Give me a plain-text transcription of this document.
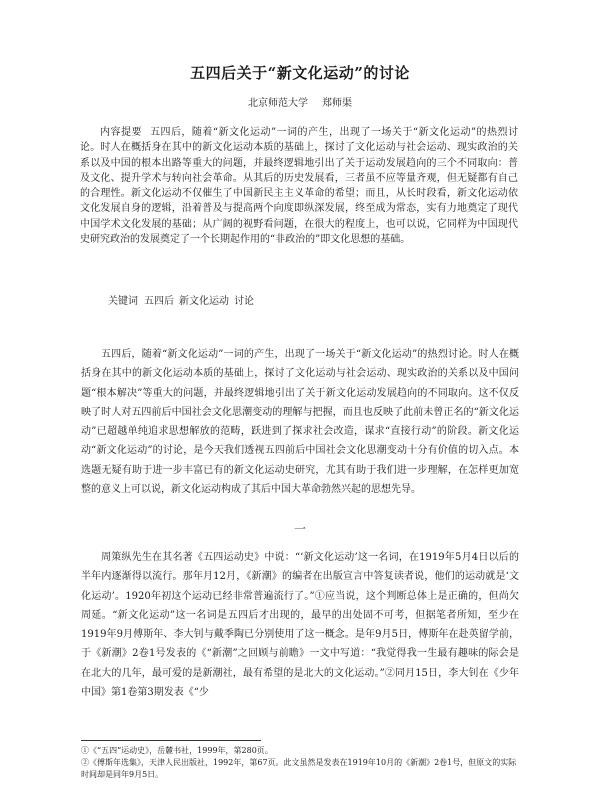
五四后关于“新文化运动”的讨论
北京师范大学 郑师渠

内容提要 五四后，随着“新文化运动”一词的产生，出现了一场关于“新文化运动”的热烈讨论。时人在概括身在其中的新文化运动本质的基础上，探讨了文化运动与社会运动、现实政治的关系以及中国的根本出路等重大的问题，并最终逻辑地引出了关于运动发展趋向的三个不同取向：普及文化、提升学术与转向社会革命。从其后的历史发展看，三者虽不应等量齐观，但无疑都有自己的合理性。新文化运动不仅催生了中国新民主主义革命的希望；而且，从长时段看，新文化运动依文化发展自身的逻辑，沿着普及与提高两个向度即纵深发展，终至成为常态，实有力地奠定了现代中国学术文化发展的基础；从广阔的视野看问题，在很大的程度上，也可以说，它同样为中国现代史研究政治的发展奠定了一个长期起作用的“非政治的”即文化思想的基础。

关键词 五四后 新文化运动 讨论

五四后，随着“新文化运动”一词的产生，出现了一场关于“新文化运动”的热烈讨论。时人在概括身在其中的新文化运动本质的基础上，探讨了文化运动与社会运动、现实政治的关系以及中国问题“根本解决”等重大的问题，并最终逻辑地引出了关于新文化运动发展趋向的不同取向。这不仅反映了时人对五四前后中国社会文化思潮变动的理解与把握，而且也反映了此前未曾正名的“新文化运动”已超越单纯追求思想解放的范畴，跃进到了探求社会改造，谋求“直接行动”的阶段。新文化运动“新文化运动”的讨论，是今天我们透视五四前后中国社会文化思潮变动十分有价值的切入点。本选题无疑有助于进一步丰富已有的新文化运动史研究，尤其有助于我们进一步理解，在怎样更加宽整的意义上可以说，新文化运动构成了其后中国大革命勃然兴起的思想先导。

一

周策纵先生在其名著《五四运动史》中说：“‘新文化运动’这一名词，在1919年5月4日以后的半年内逐渐得以流行。那年月12月，《新潮》的编者在出版宣言中答复读者说，他们的运动就是‘文化运动’。1920年初这个运动已经非常普遍流行了。”①应当说，这个判断总体上是正确的，但尚欠周延。“新文化运动”这一名词是五四后才出现的，最早的出处固不可考，但据笔者所知，至少在1919年9月傅斯年、李大钊与戴季陶已分别使用了这一概念。是年9月5日，傅斯年在赴英留学前，于《新潮》2卷1号发表的《“新潮”之回顾与前瞻》一文中写道：“我觉得我一生最有趣味的际会是在北大的几年，最可爱的是新潮社，最有希望的是北大的文化运动。”②同月15日，李大钊在《少年中国》第1卷第3期发表《“少

①《“五四”运动史》，岳麓书社，1999年，第280页。
②《傅斯年选集》，天津人民出版社，1992年，第67页。此文虽然是发表在1919年10月的《新潮》2卷1号，但原文的实际时间却是同年9月5日。
